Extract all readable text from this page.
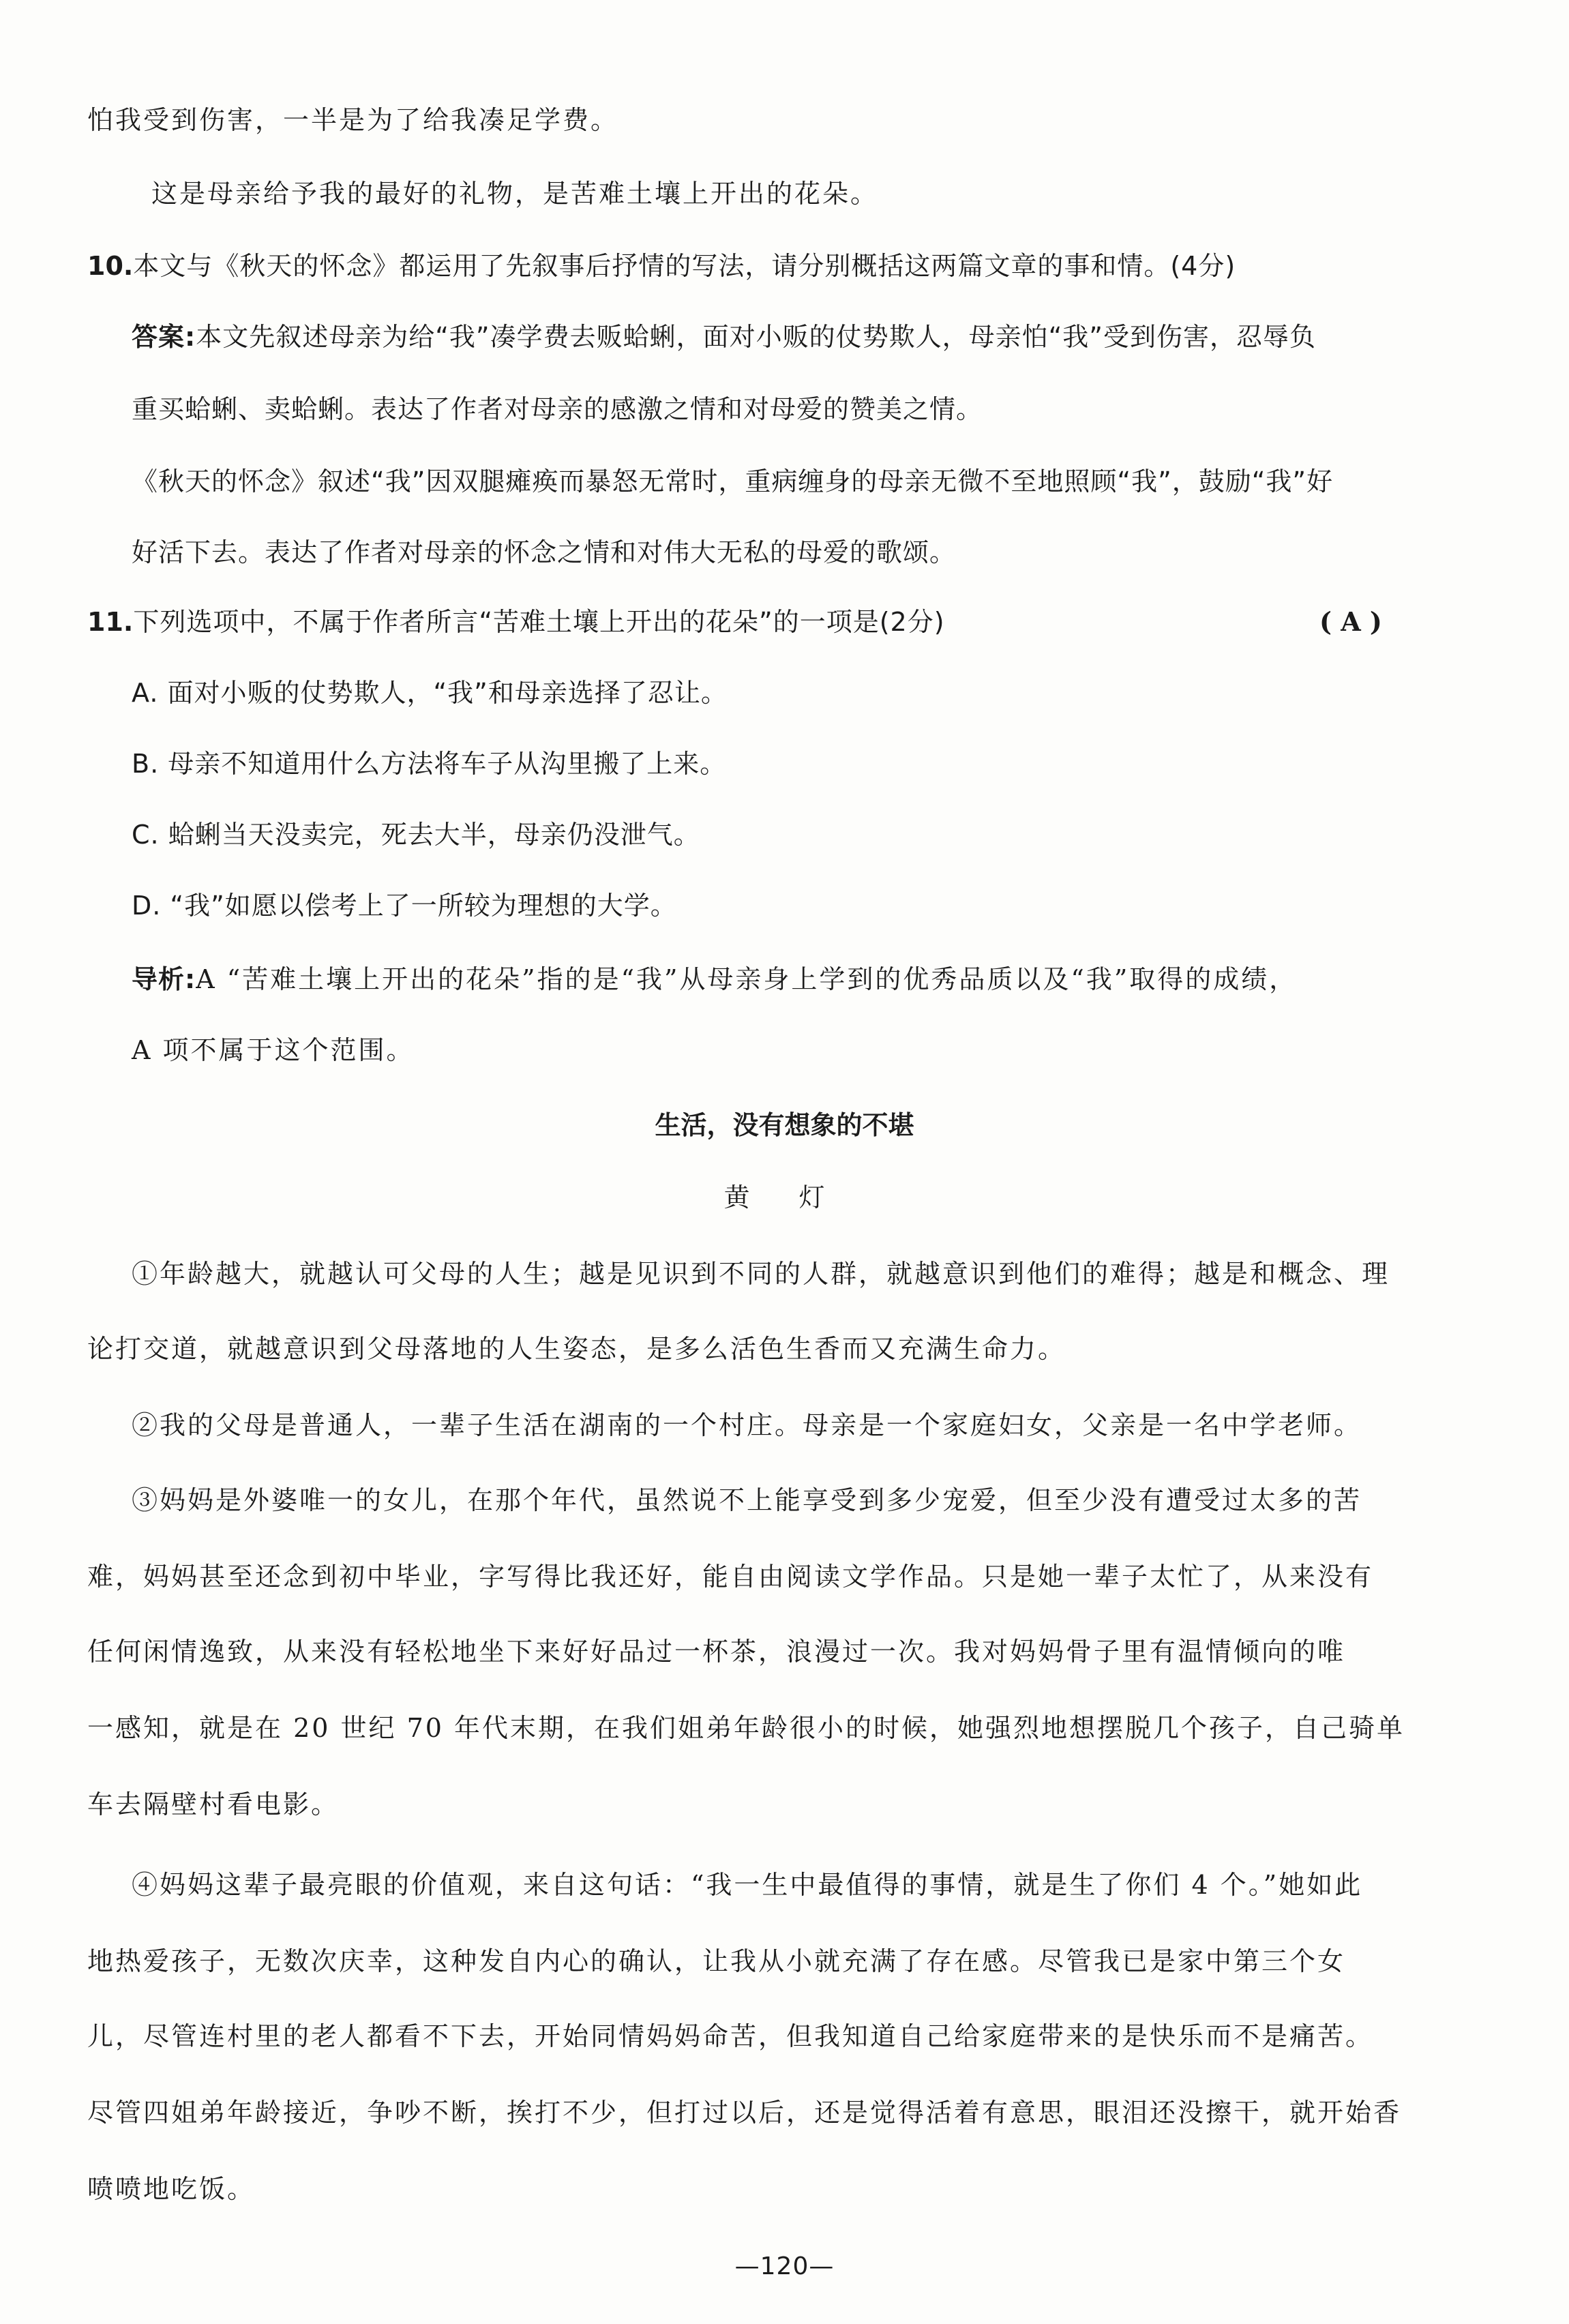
怕我受到伤害，一半是为了给我凑足学费。
这是母亲给予我的最好的礼物，是苦难土壤上开出的花朵。
10.本文与《秋天的怀念》都运用了先叙事后抒情的写法，请分别概括这两篇文章的事和情。(4分)
答案:本文先叙述母亲为给“我”凑学费去贩蛤蜊，面对小贩的仗势欺人，母亲怕“我”受到伤害，忍辱负
重买蛤蜊、卖蛤蜊。表达了作者对母亲的感激之情和对母爱的赞美之情。
《秋天的怀念》叙述“我”因双腿瘫痪而暴怒无常时，重病缠身的母亲无微不至地照顾“我”，鼓励“我”好
好活下去。表达了作者对母亲的怀念之情和对伟大无私的母爱的歌颂。
11.下列选项中，不属于作者所言“苦难土壤上开出的花朵”的一项是(2分)	( A )
A. 面对小贩的仗势欺人，“我”和母亲选择了忍让。
B. 母亲不知道用什么方法将车子从沟里搬了上来。
C. 蛤蜊当天没卖完，死去大半，母亲仍没泄气。
D. “我”如愿以偿考上了一所较为理想的大学。
导析:A “苦难土壤上开出的花朵”指的是“我”从母亲身上学到的优秀品质以及“我”取得的成绩，
A 项不属于这个范围。
生活，没有想象的不堪
黄 灯
①年龄越大，就越认可父母的人生；越是见识到不同的人群，就越意识到他们的难得；越是和概念、理
论打交道，就越意识到父母落地的人生姿态，是多么活色生香而又充满生命力。
②我的父母是普通人，一辈子生活在湖南的一个村庄。母亲是一个家庭妇女，父亲是一名中学老师。
③妈妈是外婆唯一的女儿，在那个年代，虽然说不上能享受到多少宠爱，但至少没有遭受过太多的苦
难，妈妈甚至还念到初中毕业，字写得比我还好，能自由阅读文学作品。只是她一辈子太忙了，从来没有
任何闲情逸致，从来没有轻松地坐下来好好品过一杯茶，浪漫过一次。我对妈妈骨子里有温情倾向的唯
一感知，就是在 20 世纪 70 年代末期，在我们姐弟年龄很小的时候，她强烈地想摆脱几个孩子，自己骑单
车去隔壁村看电影。
④妈妈这辈子最亮眼的价值观，来自这句话：“我一生中最值得的事情，就是生了你们 4 个。”她如此
地热爱孩子，无数次庆幸，这种发自内心的确认，让我从小就充满了存在感。尽管我已是家中第三个女
儿，尽管连村里的老人都看不下去，开始同情妈妈命苦，但我知道自己给家庭带来的是快乐而不是痛苦。
尽管四姐弟年龄接近，争吵不断，挨打不少，但打过以后，还是觉得活着有意思，眼泪还没擦干，就开始香
喷喷地吃饭。
—120—
